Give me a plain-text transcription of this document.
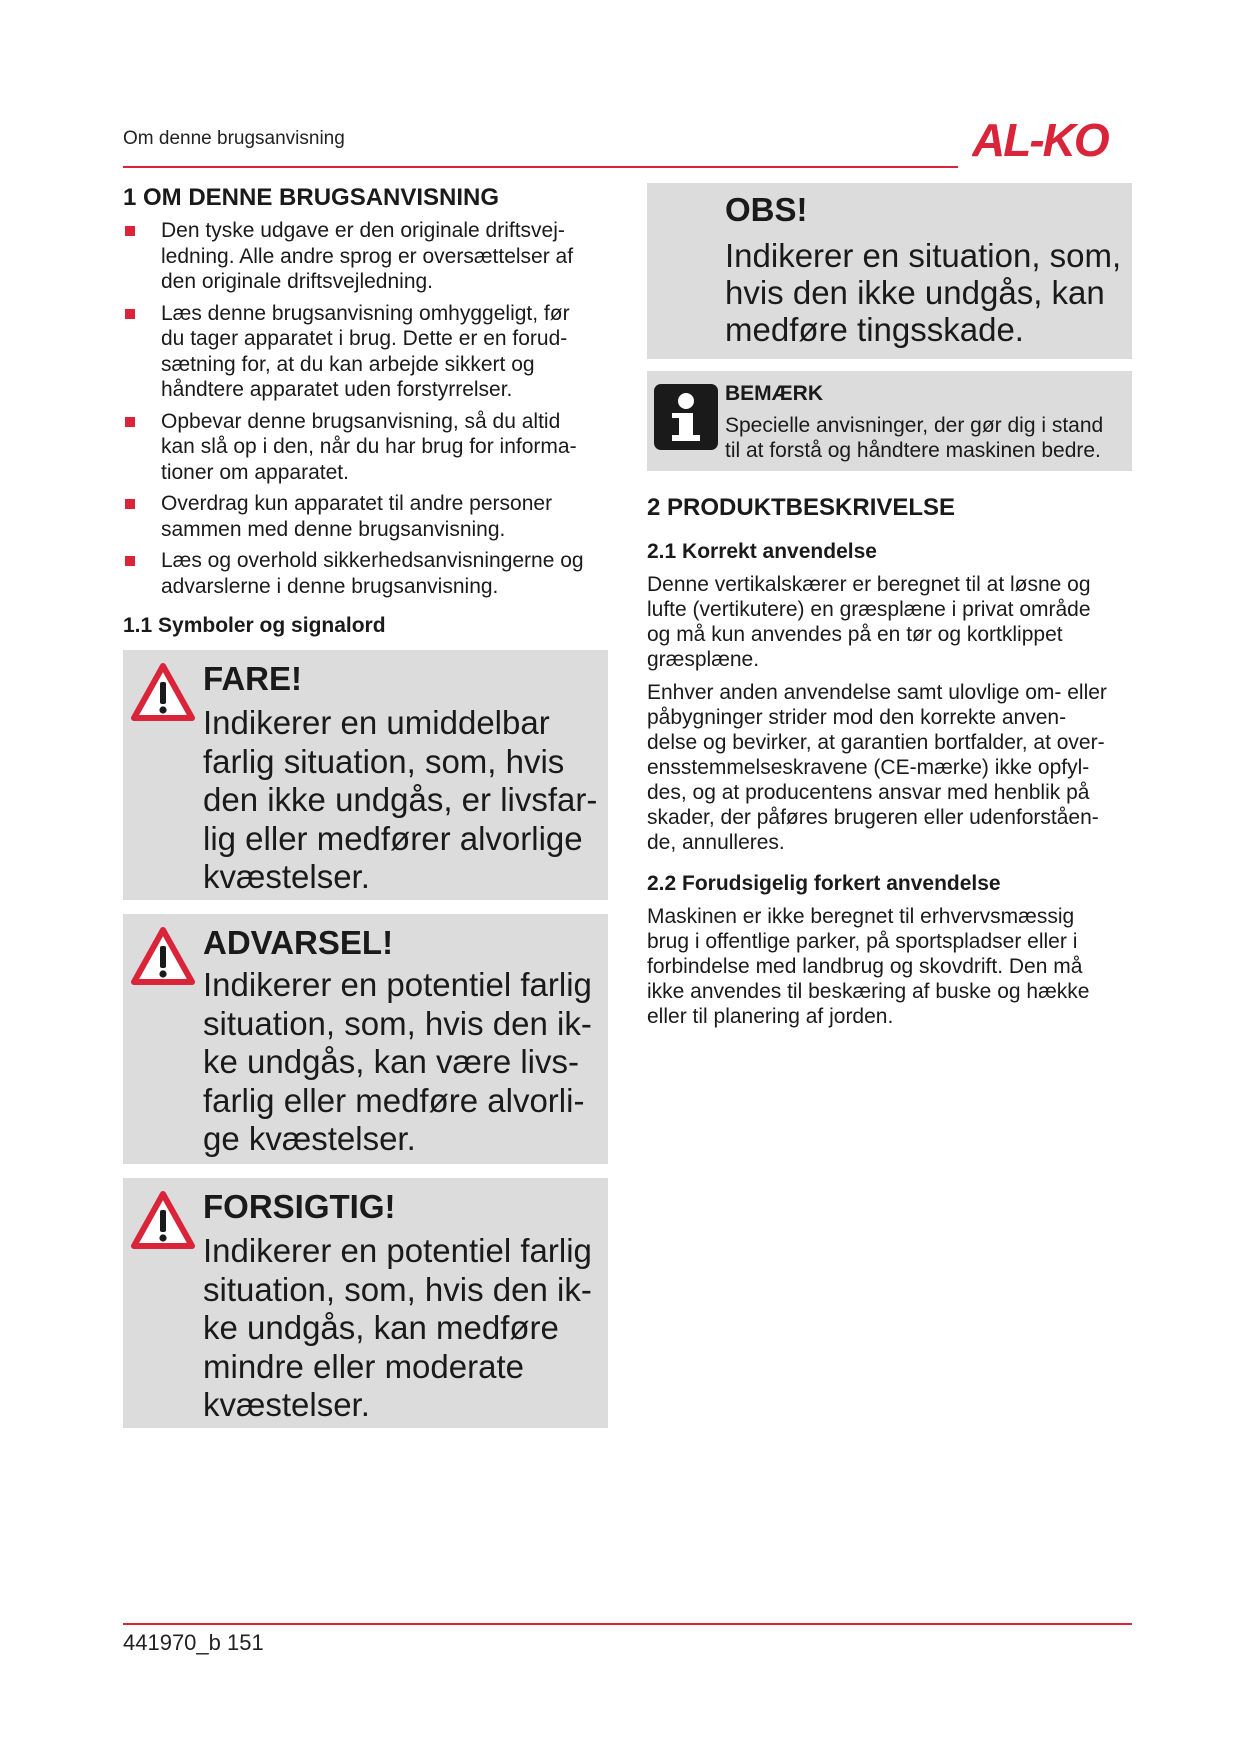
Om denne brugsanvisning	AL-KO
1 OM DENNE BRUGSANVISNING
Den tyske udgave er den originale driftsvej-
ledning. Alle andre sprog er oversættelser af
den originale driftsvejledning.
Læs denne brugsanvisning omhyggeligt, før
du tager apparatet i brug. Dette er en forud-
sætning for, at du kan arbejde sikkert og
håndtere apparatet uden forstyrrelser.
Opbevar denne brugsanvisning, så du altid
kan slå op i den, når du har brug for informa-
tioner om apparatet.
Overdrag kun apparatet til andre personer
sammen med denne brugsanvisning.
Læs og overhold sikkerhedsanvisningerne og
advarslerne i denne brugsanvisning.
1.1 Symboler og signalord
FARE!
Indikerer en umiddelbar
farlig situation, som, hvis
den ikke undgås, er livsfar-
lig eller medfører alvorlige
kvæstelser.
ADVARSEL!
Indikerer en potentiel farlig
situation, som, hvis den ik-
ke undgås, kan være livs-
farlig eller medføre alvorli-
ge kvæstelser.
FORSIGTIG!
Indikerer en potentiel farlig
situation, som, hvis den ik-
ke undgås, kan medføre
mindre eller moderate
kvæstelser.
OBS!
Indikerer en situation, som,
hvis den ikke undgås, kan
medføre tingsskade.
BEMÆRK
Specielle anvisninger, der gør dig i stand
til at forstå og håndtere maskinen bedre.
2 PRODUKTBESKRIVELSE
2.1 Korrekt anvendelse

Denne vertikalskærer er beregnet til at løsne og
lufte (vertikutere) en græsplæne i privat område
og må kun anvendes på en tør og kortklippet
græsplæne.

Enhver anden anvendelse samt ulovlige om- eller
påbygninger strider mod den korrekte anven-
delse og bevirker, at garantien bortfalder, at over-
ensstemmelseskravene (CE-mærke) ikke opfyl-
des, og at producentens ansvar med henblik på
skader, der påføres brugeren eller udenforståen-
de, annulleres.

2.2 Forudsigelig forkert anvendelse

Maskinen er ikke beregnet til erhvervsmæssig
brug i offentlige parker, på sportspladser eller i
forbindelse med landbrug og skovdrift. Den må
ikke anvendes til beskæring af buske og hække
eller til planering af jorden.

441970_b 151
